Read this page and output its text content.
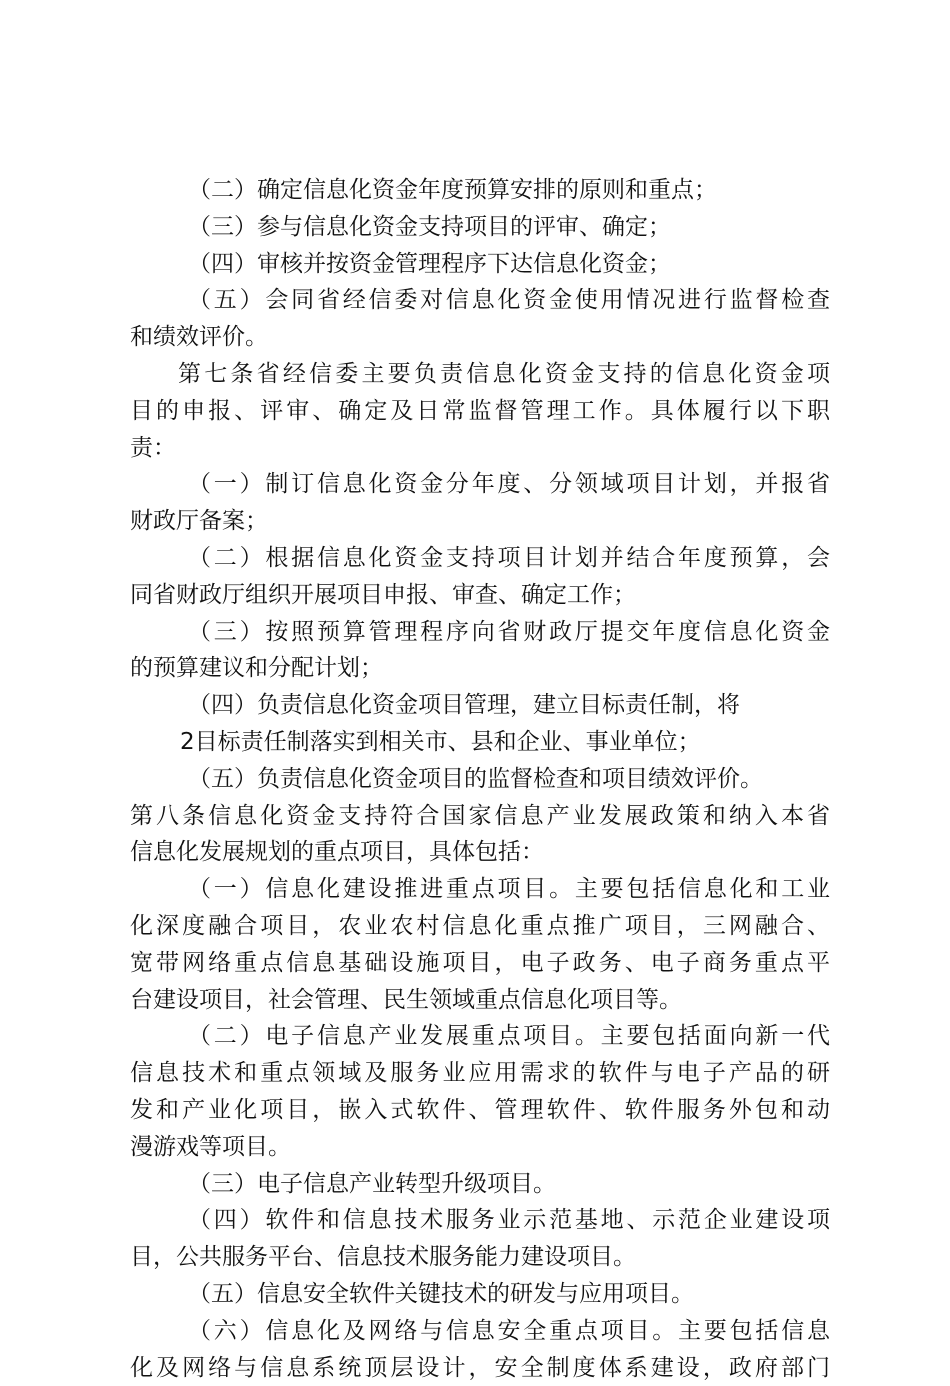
（二）确定信息化资金年度预算安排的原则和重点；
（三）参与信息化资金支持项目的评审、确定；
（四）审核并按资金管理程序下达信息化资金；
（五）会同省经信委对信息化资金使用情况进行监督检查
和绩效评价。
第七条省经信委主要负责信息化资金支持的信息化资金项
目的申报、评审、确定及日常监督管理工作。具体履行以下职
责：
（一）制订信息化资金分年度、分领域项目计划，并报省
财政厅备案；
（二）根据信息化资金支持项目计划并结合年度预算，会
同省财政厅组织开展项目申报、审查、确定工作；
（三）按照预算管理程序向省财政厅提交年度信息化资金
的预算建议和分配计划；
（四）负责信息化资金项目管理，建立目标责任制，将
2目标责任制落实到相关市、县和企业、事业单位；
（五）负责信息化资金项目的监督检查和项目绩效评价。
第八条信息化资金支持符合国家信息产业发展政策和纳入本省
信息化发展规划的重点项目，具体包括：
（一）信息化建设推进重点项目。主要包括信息化和工业
化深度融合项目，农业农村信息化重点推广项目，三网融合、
宽带网络重点信息基础设施项目，电子政务、电子商务重点平
台建设项目，社会管理、民生领域重点信息化项目等。
（二）电子信息产业发展重点项目。主要包括面向新一代
信息技术和重点领域及服务业应用需求的软件与电子产品的研
发和产业化项目，嵌入式软件、管理软件、软件服务外包和动
漫游戏等项目。
（三）电子信息产业转型升级项目。
（四）软件和信息技术服务业示范基地、示范企业建设项
目，公共服务平台、信息技术服务能力建设项目。
（五）信息安全软件关键技术的研发与应用项目。
（六）信息化及网络与信息安全重点项目。主要包括信息
化及网络与信息系统顶层设计，安全制度体系建设，政府部门
